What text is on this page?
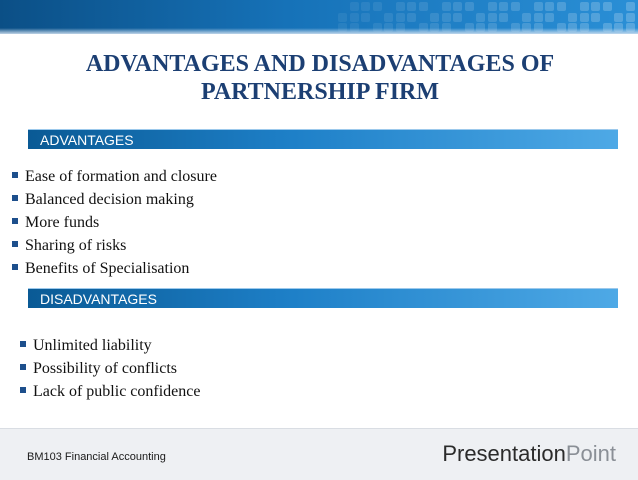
ADVANTAGES AND DISADVANTAGES OF PARTNERSHIP FIRM
ADVANTAGES
Ease of formation and closure
Balanced decision making
More funds
Sharing of risks
Benefits of Specialisation
DISADVANTAGES
Unlimited liability
Possibility of conflicts
Lack of public confidence
BM103 Financial Accounting	PresentationPoint
